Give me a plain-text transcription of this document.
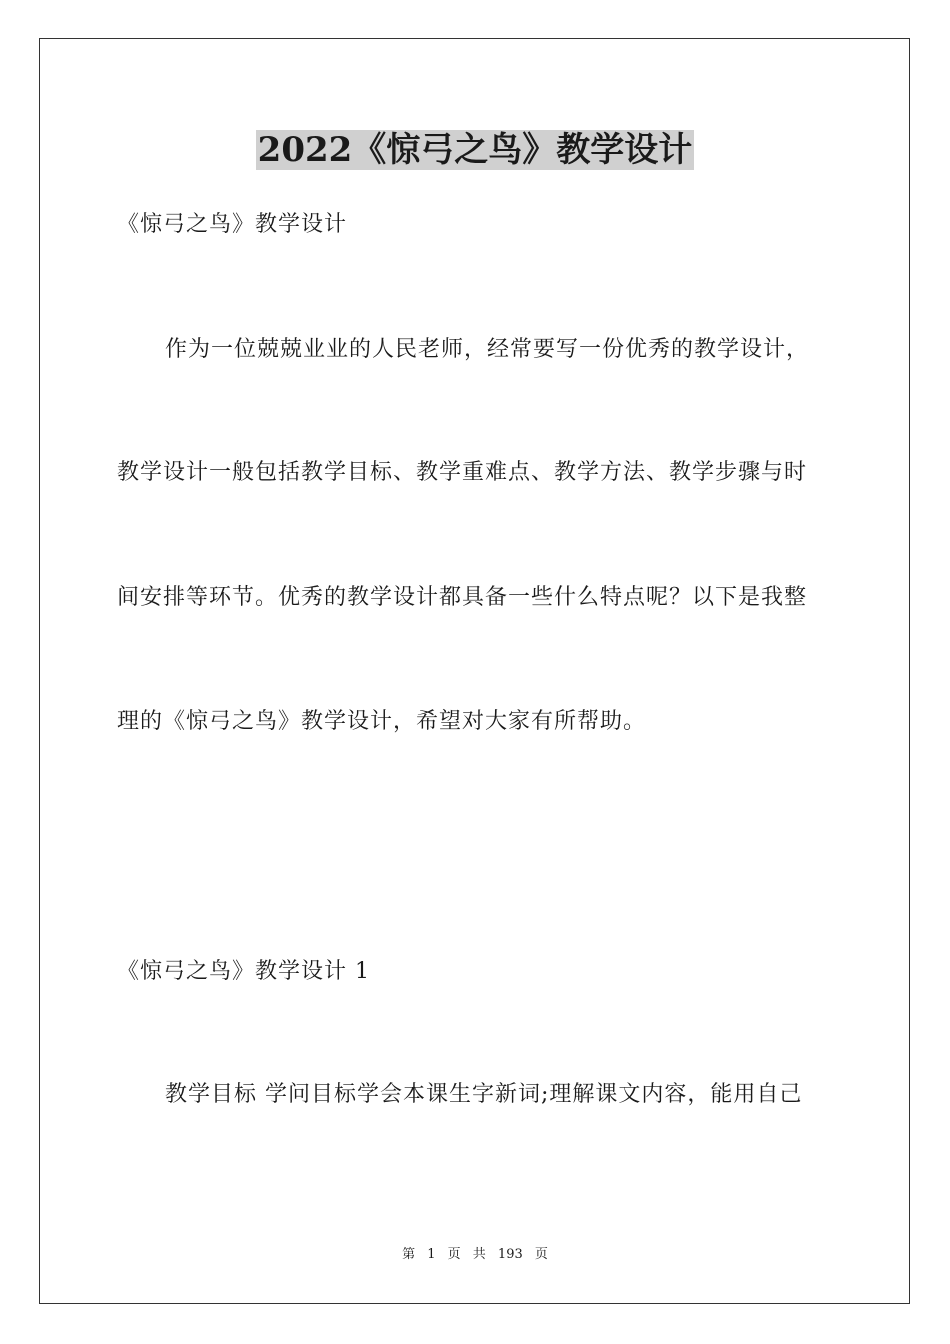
2022《惊弓之鸟》教学设计
《惊弓之鸟》教学设计
作为一位兢兢业业的人民老师，经常要写一份优秀的教学设计，
教学设计一般包括教学目标、教学重难点、教学方法、教学步骤与时
间安排等环节。优秀的教学设计都具备一些什么特点呢？以下是我整
理的《惊弓之鸟》教学设计，希望对大家有所帮助。
《惊弓之鸟》教学设计 1
教学目标 学问目标学会本课生字新词;理解课文内容，能用自己
第 1 页 共 193 页
